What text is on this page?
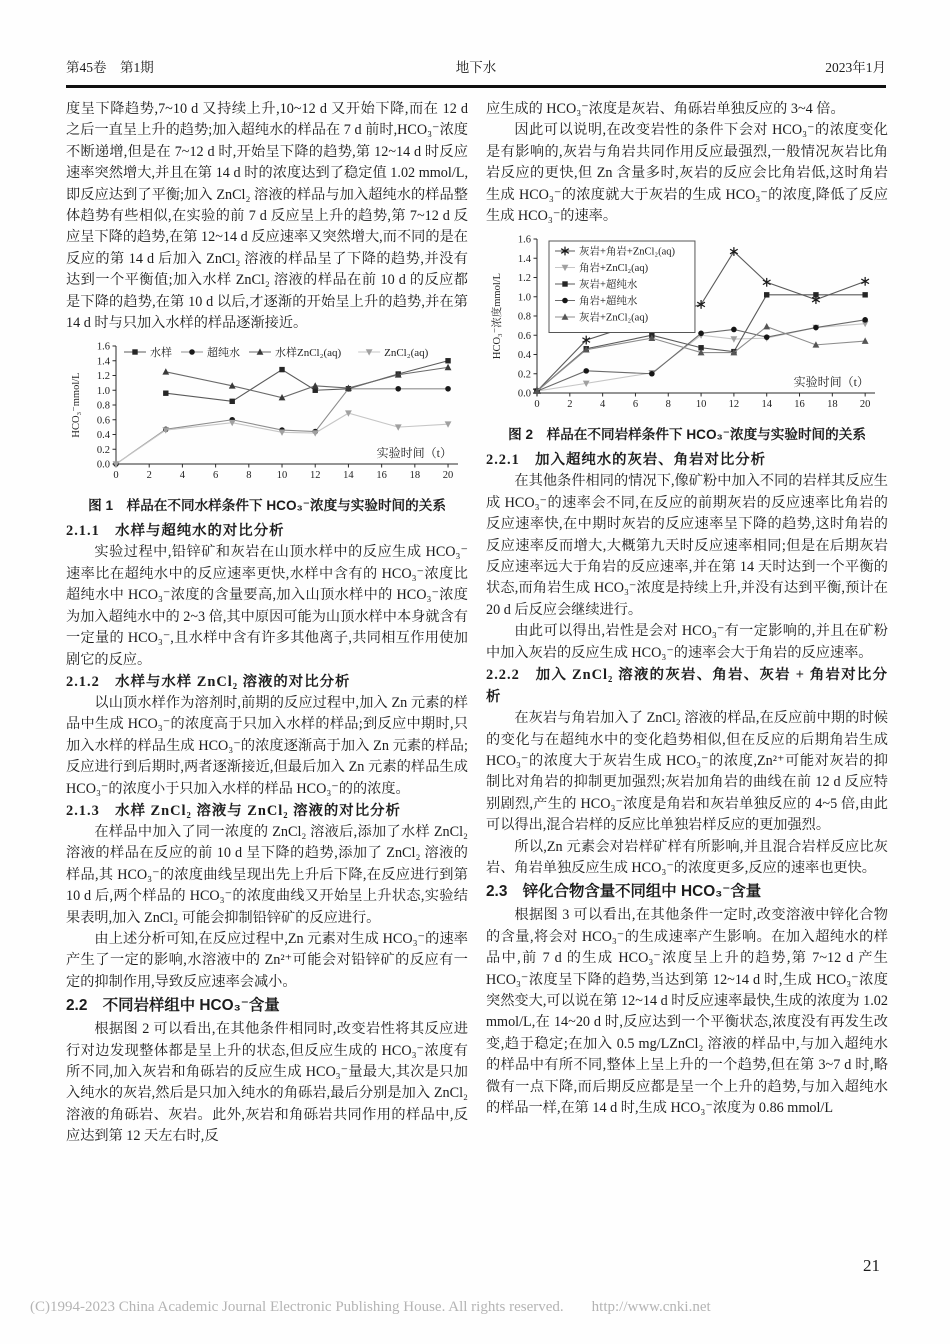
第45卷　第1期	地下水	2023年1月

度呈下降趋势,7~10 d 又持续上升,10~12 d 又开始下降,而在 12 d 之后一直呈上升的趋势;加入超纯水的样品在 7 d 前时,HCO₃⁻浓度不断递增,但是在 7~12 d 时,开始呈下降的趋势,第 12~14 d 时反应速率突然增大,并且在第 14 d 时的浓度达到了稳定值 1.02 mmol/L,即反应达到了平衡;加入 ZnCl₂ 溶液的样品与加入超纯水的样品整体趋势有些相似,在实验的前 7 d 反应呈上升的趋势,第 7~12 d 反应呈下降的趋势,在第 12~14 d 反应速率又突然增大,而不同的是在反应的第 14 d 后加入 ZnCl₂ 溶液的样品呈了下降的趋势,并没有达到一个平衡值;加入水样 ZnCl₂ 溶液的样品在前 10 d 的反应都是下降的趋势,在第 10 d 以后,才逐渐的开始呈上升的趋势,并在第 14 d 时与只加入水样的样品逐渐接近。

0	2	4	6	8 10 12 14 16 18 20
0.0
0.2
0.4
0.6
0.8
1.0
1.2
1.4
1.6
HCO₃⁻mmol/L
实验时间（t）
水样	超纯水	水样ZnCl₂(aq)	ZnCl₂(aq)
图 1　样品在不同水样条件下 HCO₃⁻浓度与实验时间的关系
2.1.1　水样与超纯水的对比分析

实验过程中,铅锌矿和灰岩在山顶水样中的反应生成 HCO₃⁻速率比在超纯水中的反应速率更快,水样中含有的 HCO₃⁻浓度比超纯水中 HCO₃⁻浓度的含量要高,加入山顶水样中的 HCO₃⁻浓度为加入超纯水中的 2~3 倍,其中原因可能为山顶水样中本身就含有一定量的 HCO₃⁻,且水样中含有许多其他离子,共同相互作用使加剧它的反应。

2.1.2　水样与水样 ZnCl₂ 溶液的对比分析

以山顶水样作为溶剂时,前期的反应过程中,加入 Zn 元素的样品中生成 HCO₃⁻的浓度高于只加入水样的样品;到反应中期时,只加入水样的样品生成 HCO₃⁻的浓度逐渐高于加入 Zn 元素的样品;反应进行到后期时,两者逐渐接近,但最后加入 Zn 元素的样品生成 HCO₃⁻的浓度小于只加入水样的样品 HCO₃⁻的的浓度。

2.1.3　水样 ZnCl₂ 溶液与 ZnCl₂ 溶液的对比分析

在样品中加入了同一浓度的 ZnCl₂ 溶液后,添加了水样 ZnCl₂ 溶液的样品在反应的前 10 d 呈下降的趋势,添加了 ZnCl₂ 溶液的样品,其 HCO₃⁻的浓度曲线呈现出先上升后下降,在反应进行到第 10 d 后,两个样品的 HCO₃⁻的浓度曲线又开始呈上升状态,实验结果表明,加入 ZnCl₂ 可能会抑制铅锌矿的反应进行。

由上述分析可知,在反应过程中,Zn 元素对生成 HCO₃⁻的速率产生了一定的影响,水溶液中的 Zn²⁺可能会对铅锌矿的反应有一定的抑制作用,导致反应速率会减小。

2.2　不同岩样组中 HCO₃⁻含量

根据图 2 可以看出,在其他条件相同时,改变岩性将其反应进行对边发现整体都是呈上升的状态,但反应生成的 HCO₃⁻浓度有所不同,加入灰岩和角砾岩的反应生成 HCO₃⁻量最大,其次是只加入纯水的灰岩,然后是只加入纯水的角砾岩,最后分别是加入 ZnCl₂ 溶液的角砾岩、灰岩。此外,灰岩和角砾岩共同作用的样品中,反应达到第 12 天左右时,反

应生成的 HCO₃⁻浓度是灰岩、角砾岩单独反应的 3~4 倍。

因此可以说明,在改变岩性的条件下会对 HCO₃⁻的浓度变化是有影响的,灰岩与角岩共同作用反应最强烈,一般情况灰岩比角岩反应的更快,但 Zn 含量多时,灰岩的反应会比角岩低,这时角岩生成 HCO₃⁻的浓度就大于灰岩的生成 HCO₃⁻的浓度,降低了反应生成 HCO₃⁻的速率。

0	2	4	6	8 10 12 14 16 18 20
0.0
0.2
0.4
0.6
0.8
1.0
1.2
1.4
1.6
HCO₃⁻浓度mmol/L
实验时间（t）
灰岩+角岩+ZnCl₂(aq)
角岩+ZnCl₂(aq)
灰岩+超纯水
角岩+超纯水
灰岩+ZnCl₂(aq)
图 2　样品在不同岩样条件下 HCO₃⁻浓度与实验时间的关系
2.2.1　加入超纯水的灰岩、角岩对比分析

在其他条件相同的情况下,像矿粉中加入不同的岩样其反应生成 HCO₃⁻的速率会不同,在反应的前期灰岩的反应速率比角岩的反应速率快,在中期时灰岩的反应速率呈下降的趋势,这时角岩的反应速率反而增大,大概第九天时反应速率相同;但是在后期灰岩反应速率远大于角岩的反应速率,并在第 14 天时达到一个平衡的状态,而角岩生成 HCO₃⁻浓度是持续上升,并没有达到平衡,预计在 20 d 后反应会继续进行。

由此可以得出,岩性是会对 HCO₃⁻有一定影响的,并且在矿粉中加入灰岩的反应生成 HCO₃⁻的速率会大于角岩的反应速率。

2.2.2　加入 ZnCl₂ 溶液的灰岩、角岩、灰岩 + 角岩对比分析

在灰岩与角岩加入了 ZnCl₂ 溶液的样品,在反应前中期的时候的变化与在超纯水中的变化趋势相似,但在反应的后期角岩生成 HCO₃⁻的浓度大于灰岩生成 HCO₃⁻的浓度,Zn²⁺可能对灰岩的抑制比对角岩的抑制更加强烈;灰岩加角岩的曲线在前 12 d 反应特别剧烈,产生的 HCO₃⁻浓度是角岩和灰岩单独反应的 4~5 倍,由此可以得出,混合岩样的反应比单独岩样反应的更加强烈。

所以,Zn 元素会对岩样矿样有所影响,并且混合岩样反应比灰岩、角岩单独反应生成 HCO₃⁻的浓度更多,反应的速率也更快。

2.3　锌化合物含量不同组中 HCO₃⁻含量

根据图 3 可以看出,在其他条件一定时,改变溶液中锌化合物的含量,将会对 HCO₃⁻的生成速率产生影响。在加入超纯水的样品中,前 7 d 的生成 HCO₃⁻浓度呈上升的趋势,第 7~12 d 产生 HCO₃⁻浓度呈下降的趋势,当达到第 12~14 d 时,生成 HCO₃⁻浓度突然变大,可以说在第 12~14 d 时反应速率最快,生成的浓度为 1.02 mmol/L,在 14~20 d 时,反应达到一个平衡状态,浓度没有再发生改变,趋于稳定;在加入 0.5 mg/LZnCl₂ 溶液的样品中,与加入超纯水的样品中有所不同,整体上呈上升的一个趋势,但在第 3~7 d 时,略微有一点下降,而后期反应都是呈一个上升的趋势,与加入超纯水的样品一样,在第 14 d 时,生成 HCO₃⁻浓度为 0.86 mmol/L

21
(C)1994-2023 China Academic Journal Electronic Publishing House. All rights reserved. http://www.cnki.net
